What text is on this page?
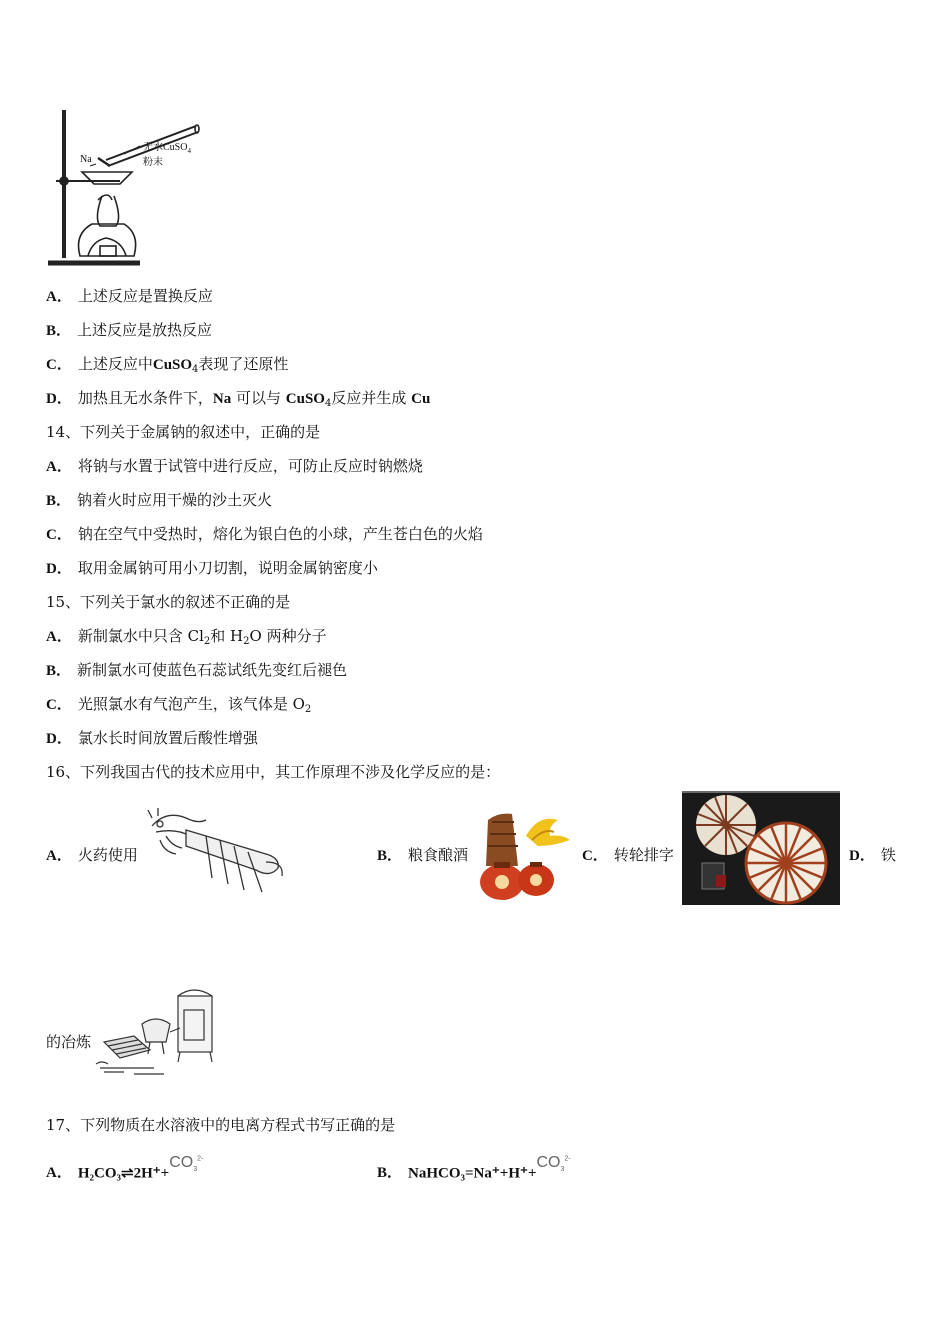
Na
无水CuSO$_4$
粉末
A． 上述反应是置换反应
B． 上述反应是放热反应
C． 上述反应中CuSO$_4$表现了还原性
D． 加热且无水条件下，Na 可以与 CuSO$_4$反应并生成 Cu
14、下列关于金属钠的叙述中，正确的是
A． 将钠与水置于试管中进行反应，可防止反应时钠燃烧
B． 钠着火时应用干燥的沙土灭火
C． 钠在空气中受热时，熔化为银白色的小球，产生苍白色的火焰
D． 取用金属钠可用小刀切割，说明金属钠密度小
15、下列关于氯水的叙述不正确的是
A． 新制氯水中只含 $Cl_2$和 $H_2O$ 两种分子
B． 新制氯水可使蓝色石蕊试纸先变红后褪色
C． 光照氯水有气泡产生，该气体是 $O_2$
D． 氯水长时间放置后酸性增强
16、下列我国古代的技术应用中，其工作原理不涉及化学反应的是：
A． 火药使用	B． 粮食酿酒	C． 转轮排字	D． 铁
的冶炼
17、下列物质在水溶液中的电离方程式书写正确的是
A． $H_2CO_3\rightleftharpoons 2H^++CO_3^{2-}$
B． $NaHCO_3=Na^++H^++CO_3^{2-}$
